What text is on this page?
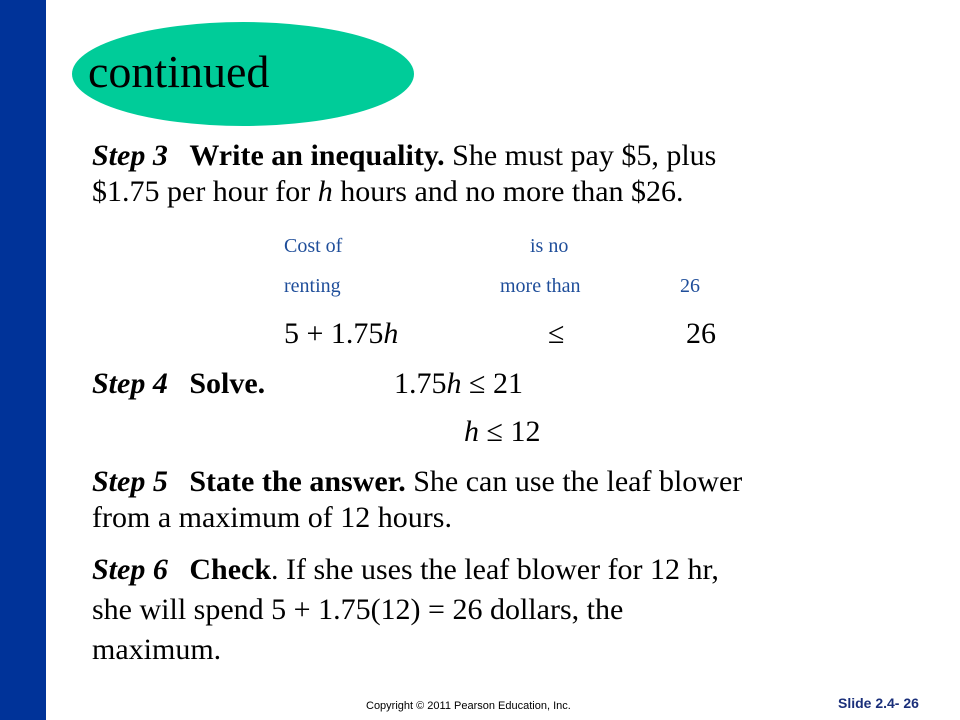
continued
Step 3 Write an inequality. She must pay $5, plus
$1.75 per hour for h hours and no more than $26.
Cost of	is no
renting	more than	26
5 + 1.75h	≤	26
Step 4 Solve.	1.75h ≤ 21
h ≤ 12
Step 5 State the answer. She can use the leaf blower
from a maximum of 12 hours.
Step 6 Check. If she uses the leaf blower for 12 hr,
she will spend 5 + 1.75(12) = 26 dollars, the
maximum.
Copyright © 2011 Pearson Education, Inc.	Slide 2.4- 26
